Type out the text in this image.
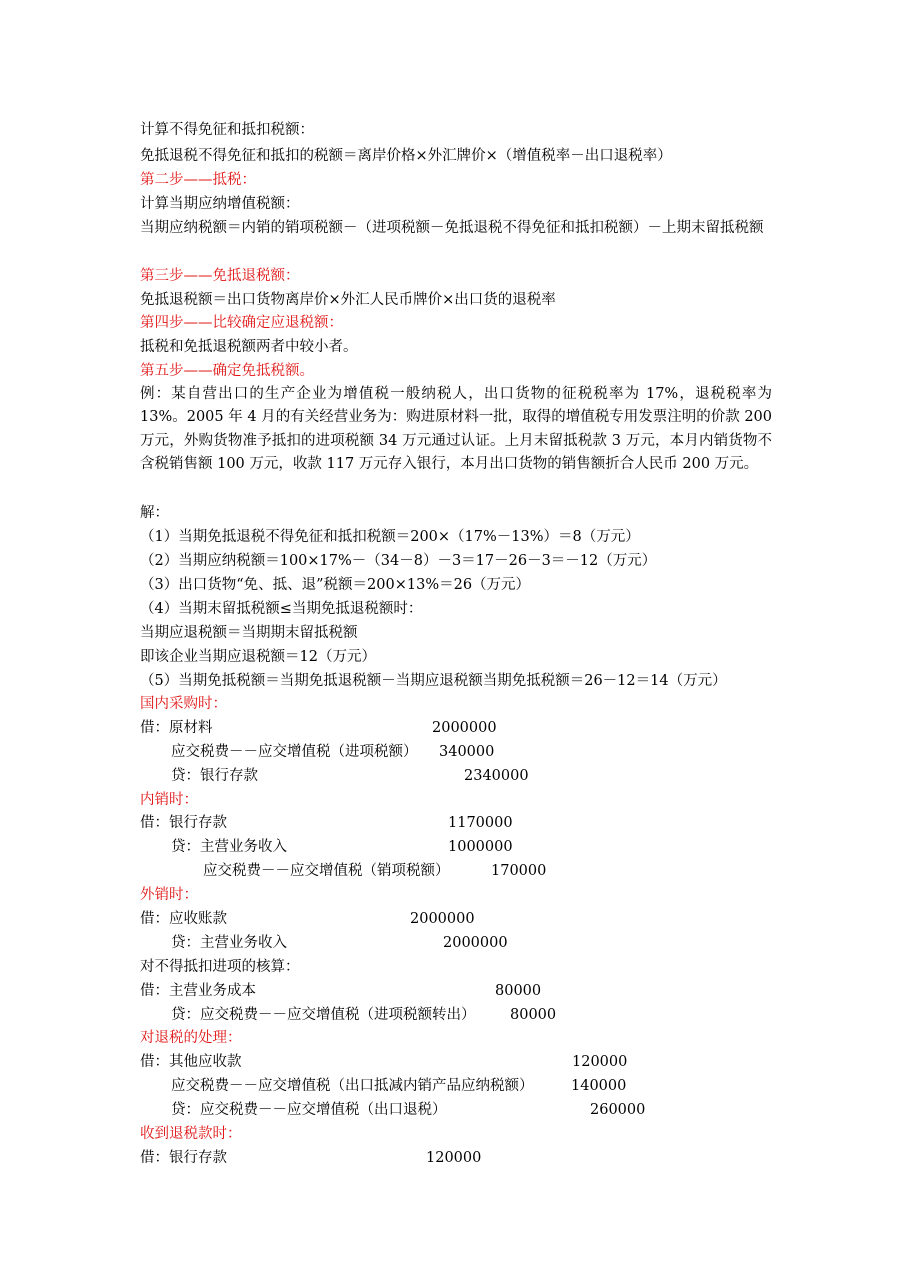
计算不得免征和抵扣税额：
免抵退税不得免征和抵扣的税额＝离岸价格×外汇牌价×（增值税率－出口退税率）
第二步——抵税：
计算当期应纳增值税额：
当期应纳税额＝内销的销项税额－（进项税额－免抵退税不得免征和抵扣税额）－上期末留抵税额
第三步——免抵退税额：
免抵退税额＝出口货物离岸价×外汇人民币牌价×出口货的退税率
第四步——比较确定应退税额：
抵税和免抵退税额两者中较小者。
第五步——确定免抵税额。
例：某自营出口的生产企业为增值税一般纳税人，出口货物的征税税率为 17%，退税税率为 13%。2005 年 4 月的有关经营业务为：购进原材料一批，取得的增值税专用发票注明的价款 200 万元，外购货物准予抵扣的进项税额 34 万元通过认证。上月末留抵税款 3 万元，本月内销货物不含税销售额 100 万元，收款 117 万元存入银行，本月出口货物的销售额折合人民币 200 万元。
解：
（1）当期免抵退税不得免征和抵扣税额＝200×（17%－13%）＝8（万元）
（2）当期应纳税额＝100×17%－（34－8）－3＝17－26－3＝－12（万元）
（3）出口货物“免、抵、退”税额＝200×13%＝26（万元）
（4）当期末留抵税额≤当期免抵退税额时：
当期应退税额＝当期期末留抵税额
即该企业当期应退税额＝12（万元）
（5）当期免抵税额＝当期免抵退税额－当期应退税额当期免抵税额＝26－12＝14（万元）
国内采购时：
借：原材料	2000000
应交税费－－应交增值税（进项税额） 340000
贷：银行存款	2340000
内销时：
借：银行存款	1170000
贷：主营业务收入	1000000
应交税费－－应交增值税（销项税额）	170000
外销时：
借：应收账款	2000000
贷：主营业务收入	2000000
对不得抵扣进项的核算：
借：主营业务成本	80000
贷：应交税费－－应交增值税（进项税额转出） 80000
对退税的处理：
借：其他应收款	120000
应交税费－－应交增值税（出口抵减内销产品应纳税额）	140000
贷：应交税费－－应交增值税（出口退税）	260000
收到退税款时：
借：银行存款	120000
